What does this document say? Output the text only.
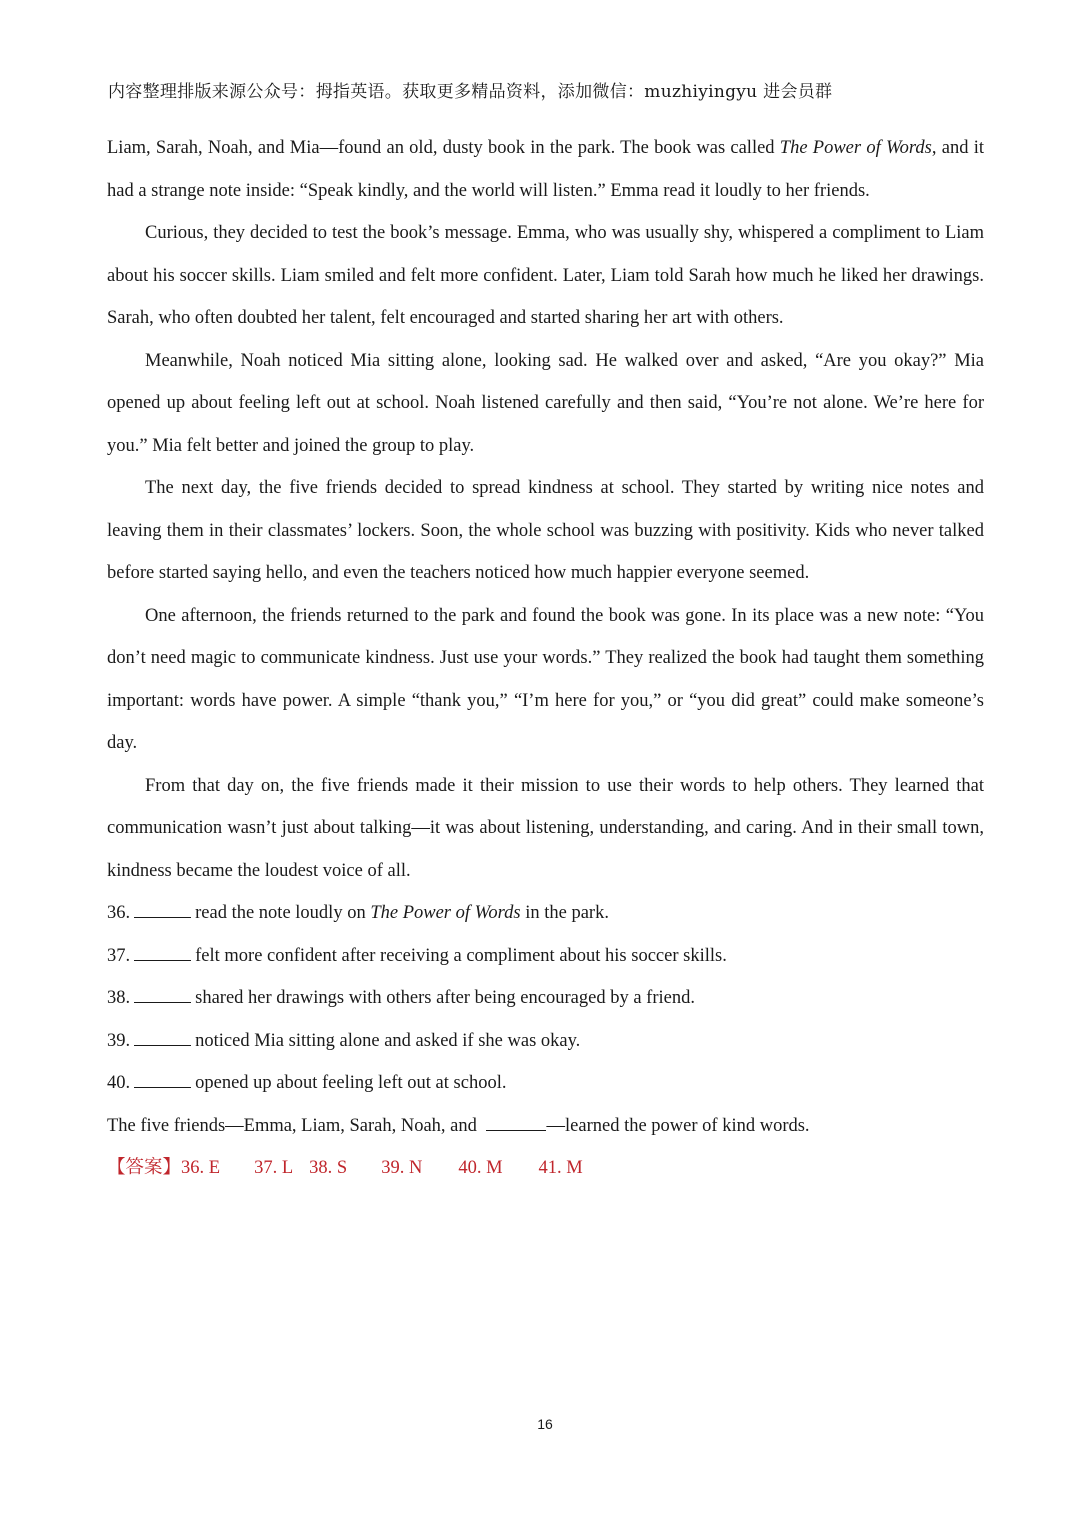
内容整理排版来源公众号：拇指英语。获取更多精品资料，添加微信：muzhiyingyu 进会员群

Liam, Sarah, Noah, and Mia—found an old, dusty book in the park. The book was called The Power of Words, and it had a strange note inside: “Speak kindly, and the world will listen.” Emma read it loudly to her friends.

Curious, they decided to test the book’s message. Emma, who was usually shy, whispered a compliment to Liam about his soccer skills. Liam smiled and felt more confident. Later, Liam told Sarah how much he liked her drawings. Sarah, who often doubted her talent, felt encouraged and started sharing her art with others.

Meanwhile, Noah noticed Mia sitting alone, looking sad. He walked over and asked, “Are you okay?” Mia opened up about feeling left out at school. Noah listened carefully and then said, “You’re not alone. We’re here for you.” Mia felt better and joined the group to play.

The next day, the five friends decided to spread kindness at school. They started by writing nice notes and leaving them in their classmates’ lockers. Soon, the whole school was buzzing with positivity. Kids who never talked before started saying hello, and even the teachers noticed how much happier everyone seemed.

One afternoon, the friends returned to the park and found the book was gone. In its place was a new note: “You don’t need magic to communicate kindness. Just use your words.” They realized the book had taught them something important: words have power. A simple “thank you,” “I’m here for you,” or “you did great” could make someone’s day.

From that day on, the five friends made it their mission to use their words to help others. They learned that communication wasn’t just about talking—it was about listening, understanding, and caring. And in their small town, kindness became the loudest voice of all.

36.	read the note loudly on The Power of Words in the park.

37.	felt more confident after receiving a compliment about his soccer skills.

38.	shared her drawings with others after being encouraged by a friend.

39.	noticed Mia sitting alone and asked if she was okay.

40.	opened up about feeling left out at school.

The five friends—Emma, Liam, Sarah, Noah, and	—learned the power of kind words.

【答案】36. E 37. L 38. S 39. N 40. M 41. M

16
